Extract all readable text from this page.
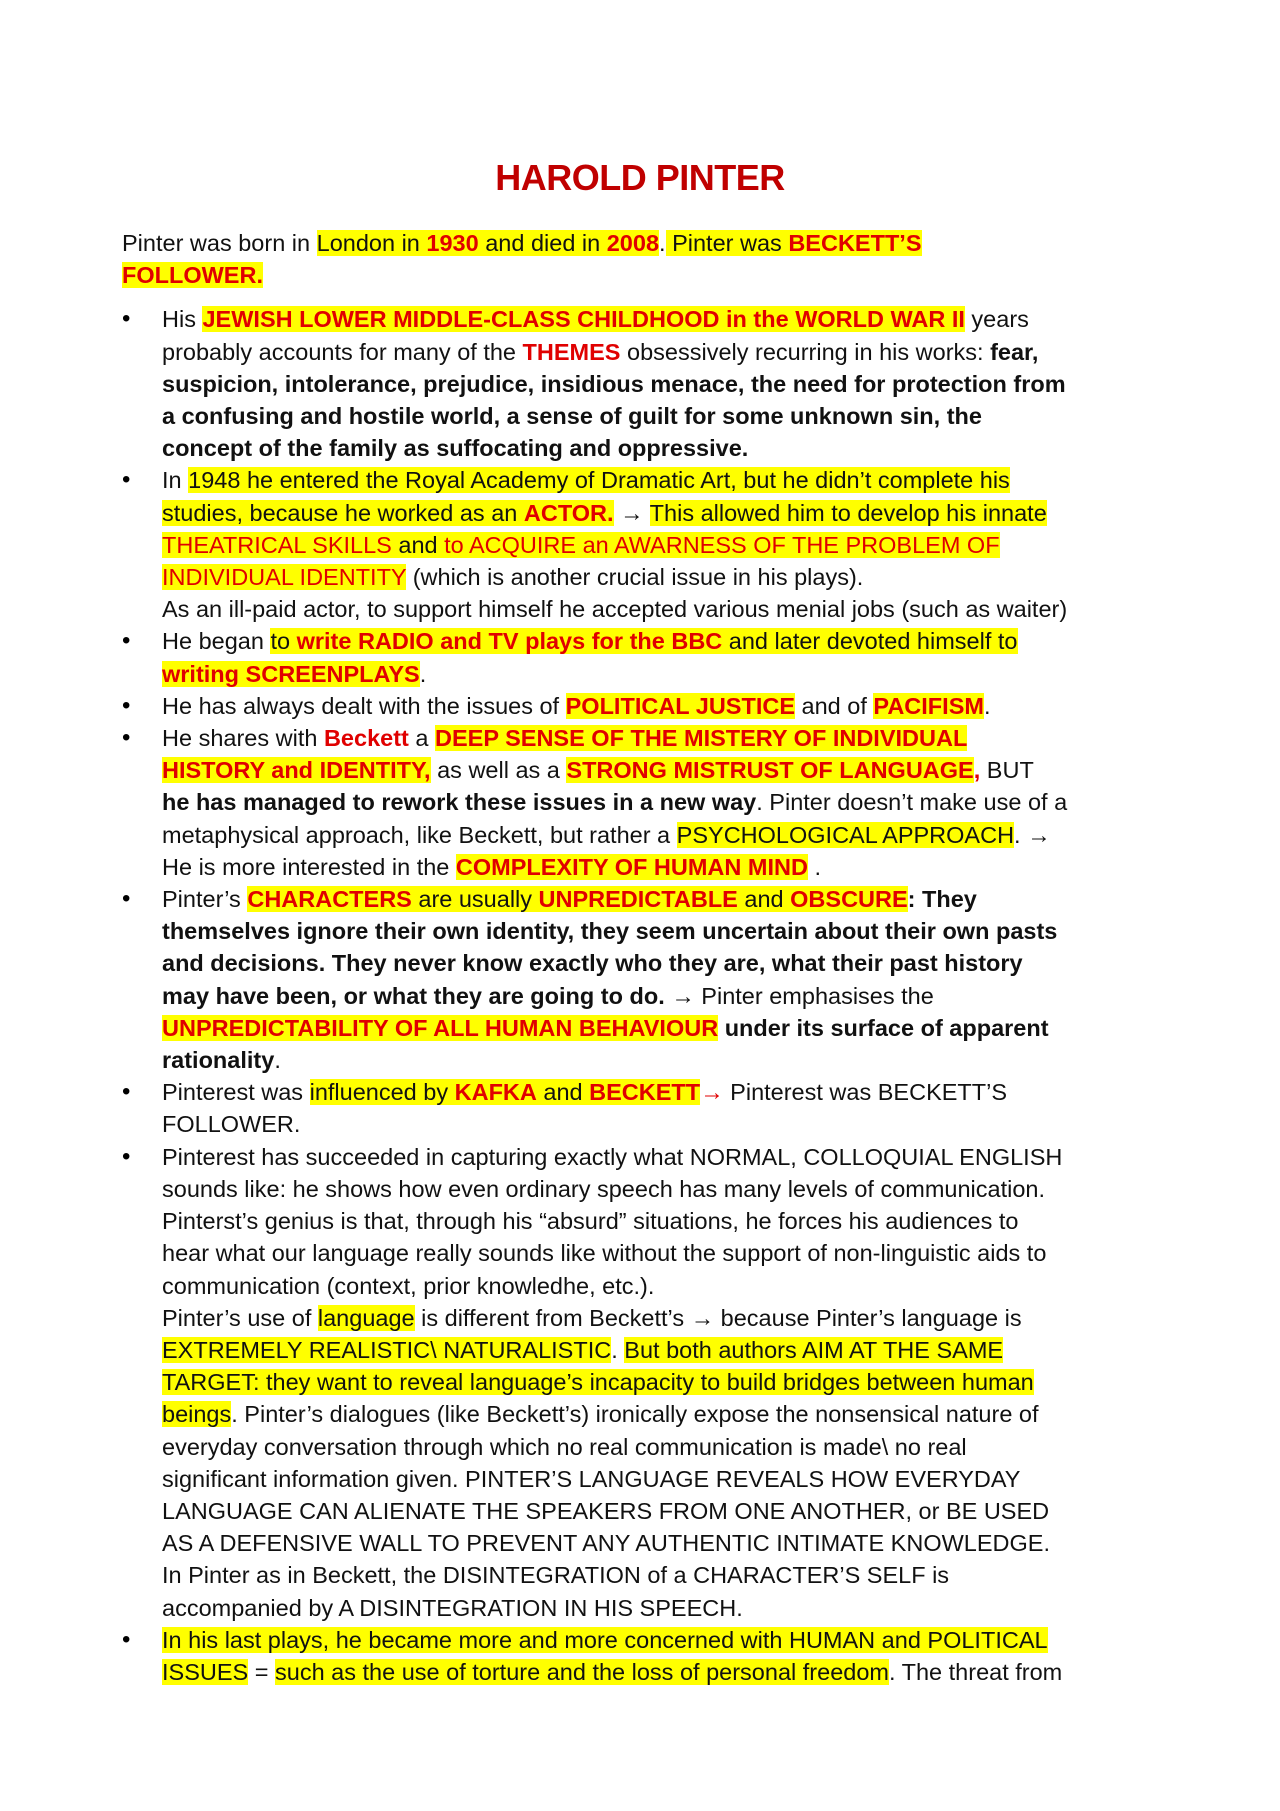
HAROLD PINTER
Pinter was born in London in 1930 and died in 2008. Pinter was BECKETT’S
FOLLOWER.
• His JEWISH LOWER MIDDLE-CLASS CHILDHOOD in the WORLD WAR II years
probably accounts for many of the THEMES obsessively recurring in his works: fear,
suspicion, intolerance, prejudice, insidious menace, the need for protection from
a confusing and hostile world, a sense of guilt for some unknown sin, the
concept of the family as suffocating and oppressive.
• In 1948 he entered the Royal Academy of Dramatic Art, but he didn’t complete his
studies, because he worked as an ACTOR. → This allowed him to develop his innate
THEATRICAL SKILLS and to ACQUIRE an AWARNESS OF THE PROBLEM OF
INDIVIDUAL IDENTITY (which is another crucial issue in his plays).
As an ill-paid actor, to support himself he accepted various menial jobs (such as waiter)
• He began to write RADIO and TV plays for the BBC and later devoted himself to
writing SCREENPLAYS.
• He has always dealt with the issues of POLITICAL JUSTICE and of PACIFISM.
• He shares with Beckett a DEEP SENSE OF THE MISTERY OF INDIVIDUAL
HISTORY and IDENTITY, as well as a STRONG MISTRUST OF LANGUAGE, BUT
he has managed to rework these issues in a new way. Pinter doesn’t make use of a
metaphysical approach, like Beckett, but rather a PSYCHOLOGICAL APPROACH. →
He is more interested in the COMPLEXITY OF HUMAN MIND .
• Pinter’s CHARACTERS are usually UNPREDICTABLE and OBSCURE: They
themselves ignore their own identity, they seem uncertain about their own pasts
and decisions. They never know exactly who they are, what their past history
may have been, or what they are going to do. → Pinter emphasises the
UNPREDICTABILITY OF ALL HUMAN BEHAVIOUR under its surface of apparent
rationality.
• Pinterest was influenced by KAFKA and BECKETT→ Pinterest was BECKETT’S
FOLLOWER.
• Pinterest has succeeded in capturing exactly what NORMAL, COLLOQUIAL ENGLISH
sounds like: he shows how even ordinary speech has many levels of communication.
Pinterst’s genius is that, through his “absurd” situations, he forces his audiences to
hear what our language really sounds like without the support of non-linguistic aids to
communication (context, prior knowledhe, etc.).
Pinter’s use of language is different from Beckett’s → because Pinter’s language is
EXTREMELY REALISTIC\ NATURALISTIC. But both authors AIM AT THE SAME
TARGET: they want to reveal language’s incapacity to build bridges between human
beings. Pinter’s dialogues (like Beckett’s) ironically expose the nonsensical nature of
everyday conversation through which no real communication is made\ no real
significant information given. PINTER’S LANGUAGE REVEALS HOW EVERYDAY
LANGUAGE CAN ALIENATE THE SPEAKERS FROM ONE ANOTHER, or BE USED
AS A DEFENSIVE WALL TO PREVENT ANY AUTHENTIC INTIMATE KNOWLEDGE.
In Pinter as in Beckett, the DISINTEGRATION of a CHARACTER’S SELF is
accompanied by A DISINTEGRATION IN HIS SPEECH.
• In his last plays, he became more and more concerned with HUMAN and POLITICAL
ISSUES = such as the use of torture and the loss of personal freedom. The threat from
